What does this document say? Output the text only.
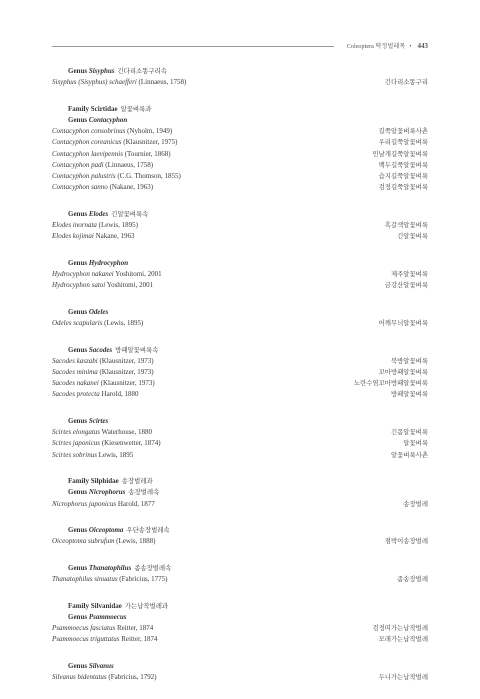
Coleoptera 딱정벌레목 • 443
Genus Sisyphus 긴다리소똥구리속
Sisyphus (Sisyphus) schaefferi (Linnaeus, 1758)	긴다리소똥구리
Family Scirtidae 알꽃벼룩과
Genus Contacyphon
Contacyphon consobrinus (Nyholm, 1949)	길쭉알꽃벼룩사촌
Contacyphon coreanicus (Klausnitzer, 1975)	우리길쭉알꽃벼룩
Contacyphon laevipennis (Tournier, 1868)	민날개길쭉알꽃벼룩
Contacyphon padi (Linnaeus, 1758)	백두길쭉알꽃벼룩
Contacyphon palustris (C.G. Thomson, 1855)	습지길쭉알꽃벼룩
Contacyphon sanno (Nakane, 1963)	검정길쭉알꽃벼룩
Genus Elodes 긴알꽃벼룩속
Elodes inornata (Lewis, 1895)	흑갈색알꽃벼룩
Elodes kojimai Nakane, 1963	긴알꽃벼룩
Genus Hydrocyphon
Hydrocyphon nakanei Yoshitomi, 2001	제주알꽃벼룩
Hydrocyphon satoi Yoshitomi, 2001	금강산알꽃벼룩
Genus Odeles
Odeles scapularis (Lewis, 1895)	어깨무늬알꽃벼룩
Genus Sacodes 방패알꽃벼룩속
Sacodes kaszabi (Klausnitzer, 1973)	북방알꽃벼룩
Sacodes minima (Klausnitzer, 1973)	꼬마방패알꽃벼룩
Sacodes nakanei (Klausnitzer, 1973)	노란수염꼬마방패알꽃벼룩
Sacodes protecta Harold, 1880	방패알꽃벼룩
Genus Scirtes
Scirtes elongatus Waterhouse, 1880	긴몸알꽃벼룩
Scirtes japonicus (Kiesenwetter, 1874)	알꽃벼룩
Scirtes sobrinus Lewis, 1895	알꽃벼룩사촌
Family Silphidae 송장벌레과
Genus Nicrophorus 송장벌레속
Nicrophorus japonicus Harold, 1877	송장벌레
Genus Oiceoptoma 우단송장벌레속
Oiceoptoma subrufum (Lewis, 1888)	점박이송장벌레
Genus Thanatophilus 좀송장벌레속
Thanatophilus sinuatus (Fabricius, 1775)	좀송장벌레
Family Silvanidae 가는납작벌레과
Genus Psammoecus
Psammoecus fasciatus Reitter, 1874	검정띠가는납작벌레
Psammoecus triguttatus Reitter, 1874	모래가는납작벌레
Genus Silvanus
Silvanus bidentatus (Fabricius, 1792)	두니가는납작벌레
